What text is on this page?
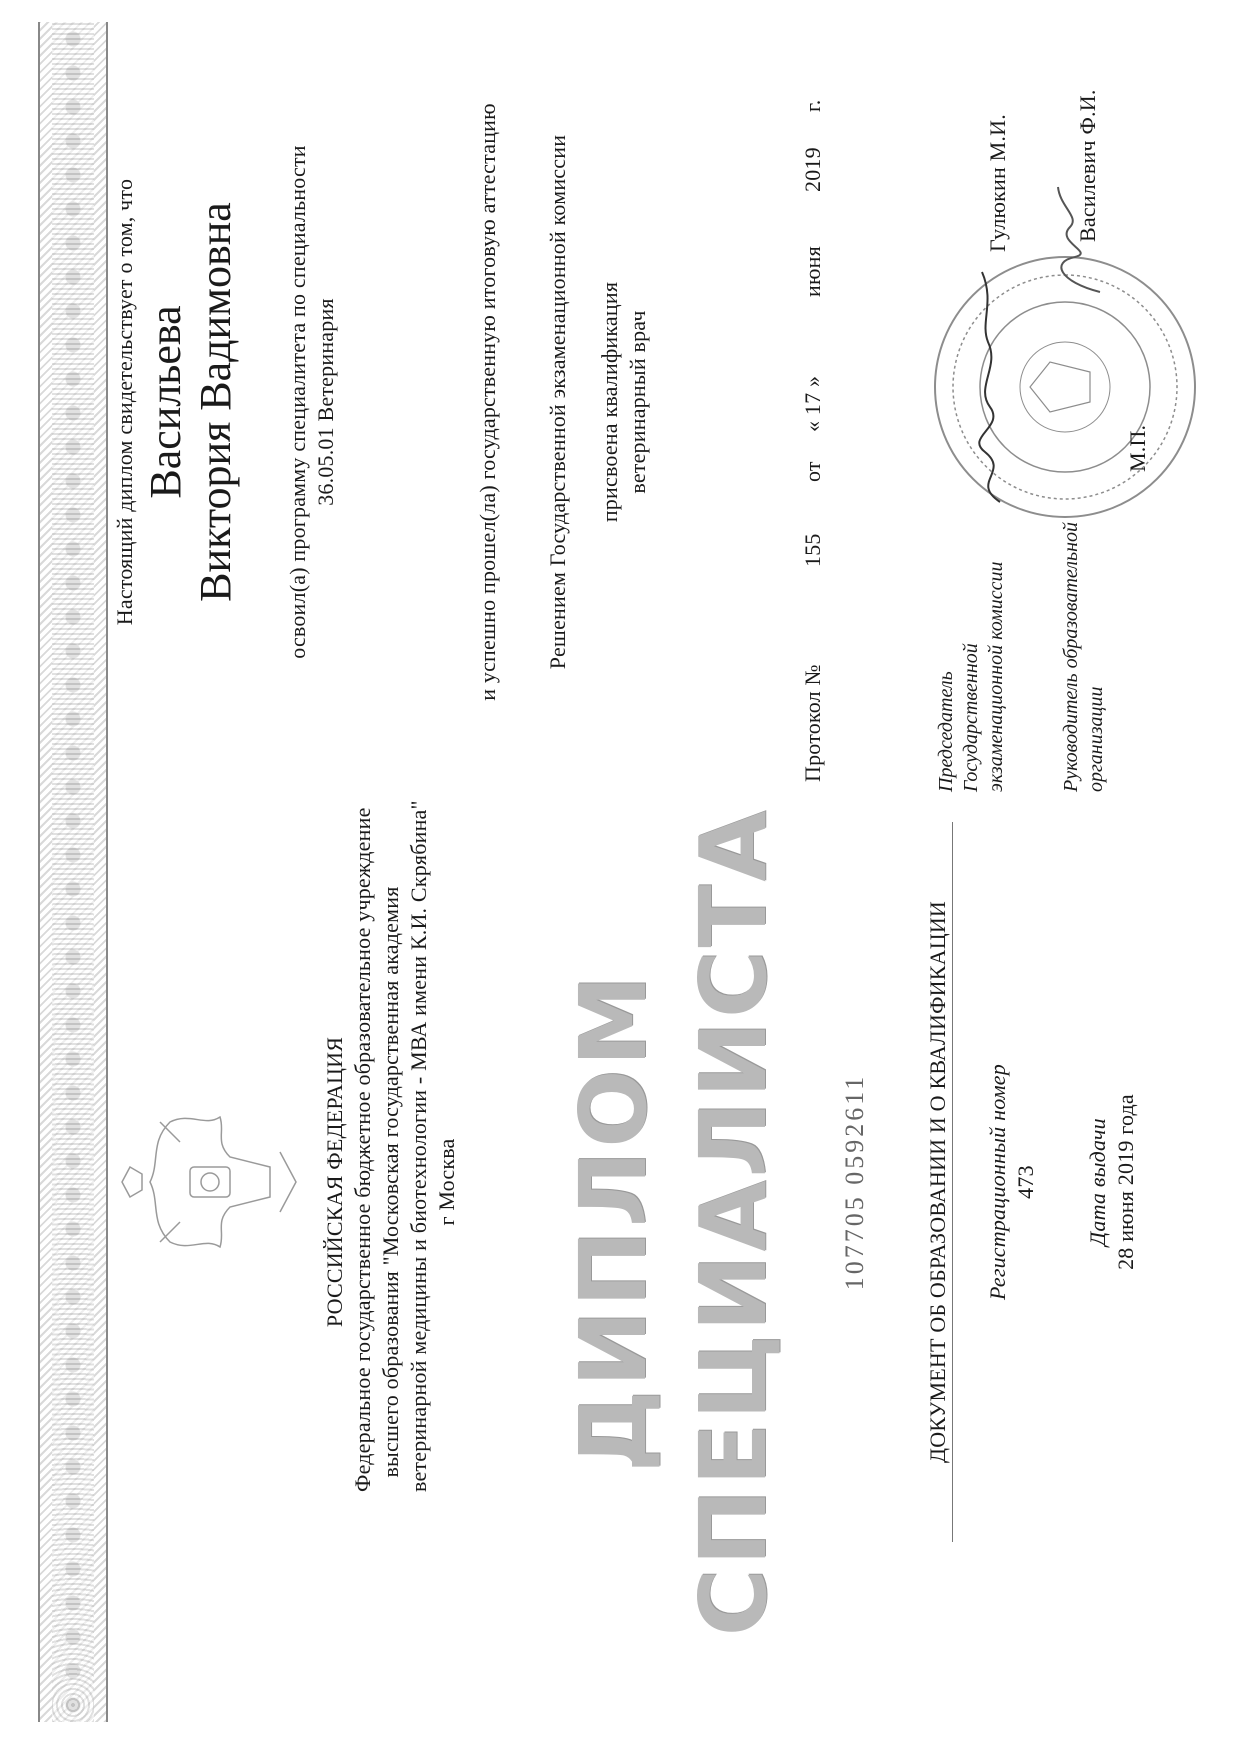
РОССИЙСКАЯ ФЕДЕРАЦИЯ Федеральное государственное бюджетное образовательное учреждение высшего образования "Московская государственная академия ветеринарной медицины и биотехнологии - МВА имени К.И. Скрябина" г Москва ДИПЛОМ СПЕЦИАЛИСТА 107705 0592611	ДОКУМЕНТ ОБ ОБРАЗОВАНИИ И О КВАЛИФИКАЦИИ Регистрационный номер 473 Дата выдачи 28 июня 2019 года
Настоящий диплом свидетельствует о том, что Васильева Виктория Вадимовна освоил(а) программу специалитета по специальности 36.05.01 Ветеринария	и успешно прошел(ла) государственную итоговую аттестацию Решением Государственной экзаменационной комиссии присвоена квалификация ветеринарный врач
Протокол №
155
от
« 17 »
июня
2019
г.
Председатель Государственной экзаменационной комиссии
Гулюкин М.И.
Руководитель образовательной организации
Василевич Ф.И.
М.П.
